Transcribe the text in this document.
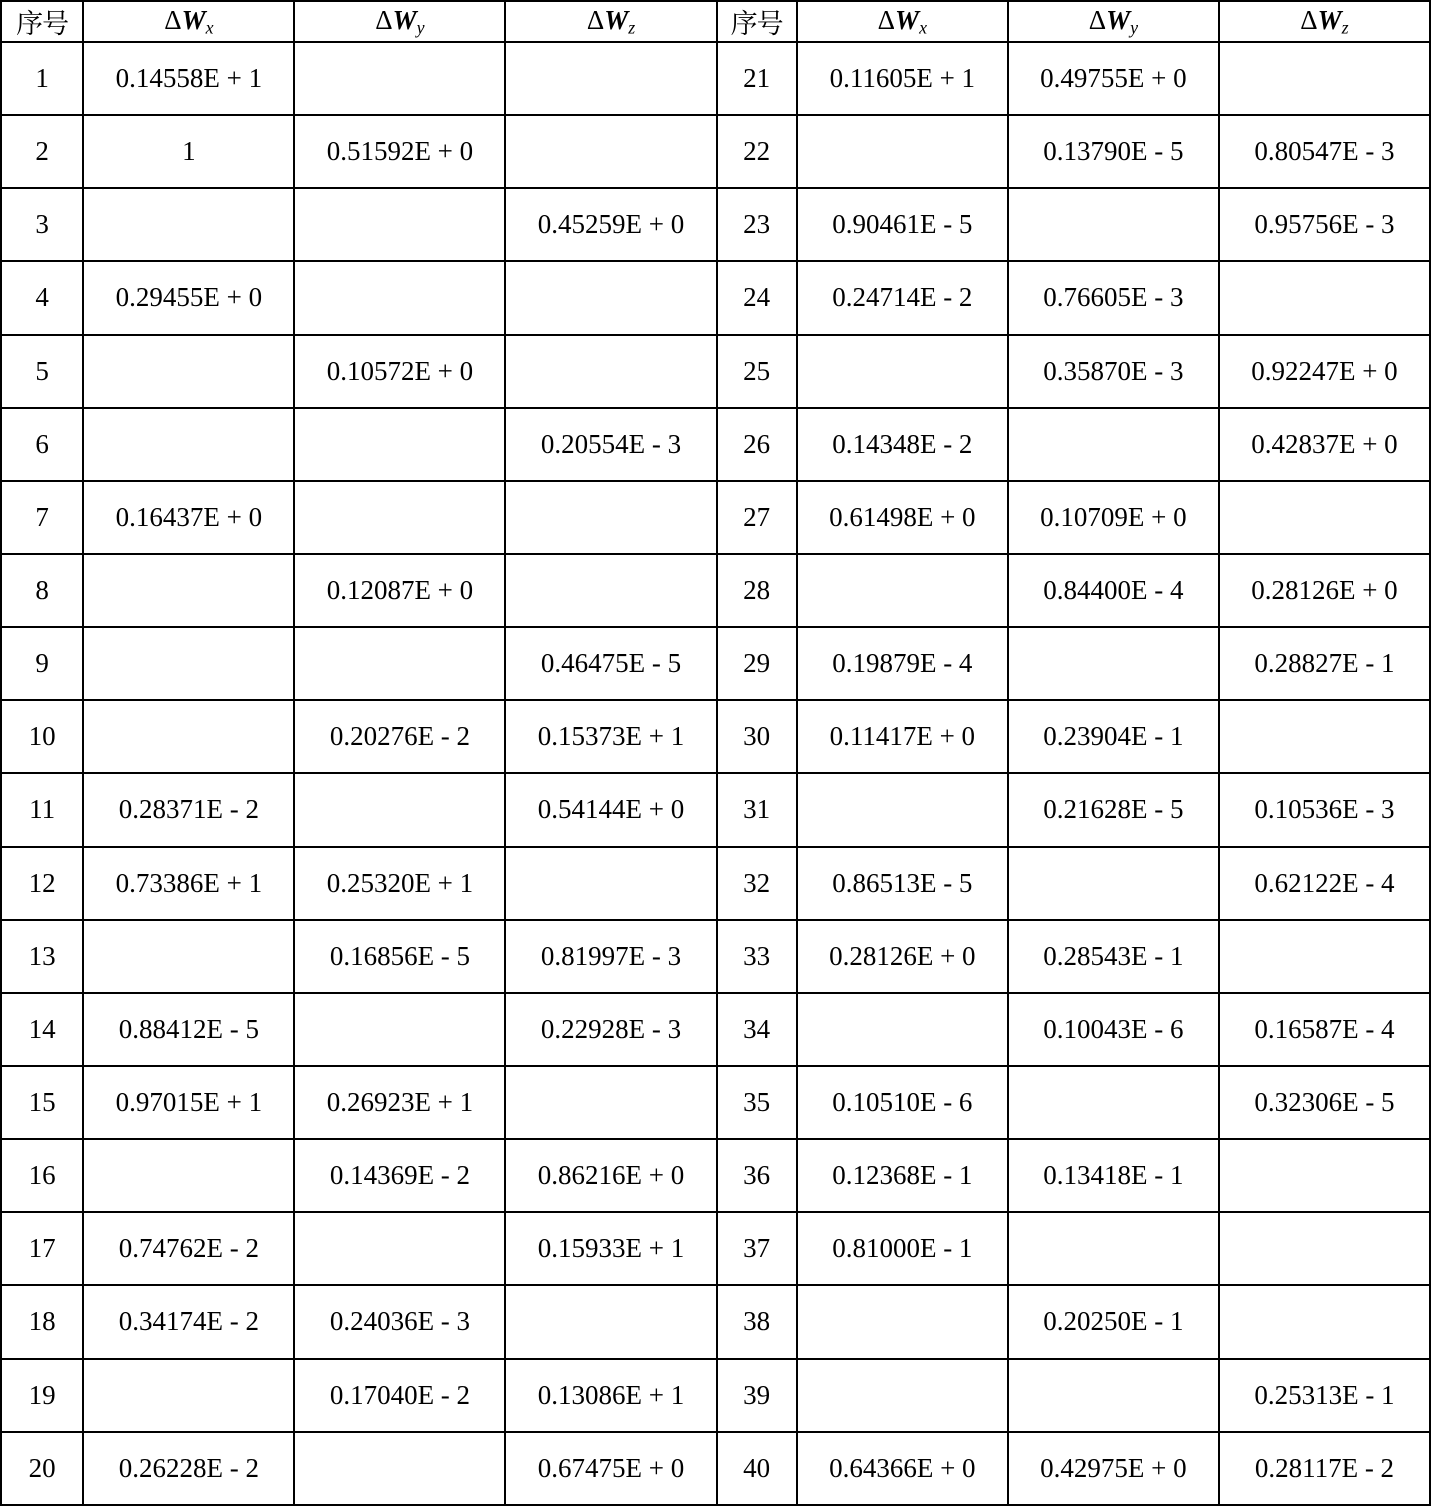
序号	$\Delta W_x$	$\Delta W_y$	$\Delta W_z$	序号	$\Delta W_x$	$\Delta W_y$	$\Delta W_z$
1	0.14558E + 1			21	0.11605E + 1	0.49755E + 0	
2	1	0.51592E + 0		22		0.13790E - 5	0.80547E - 3
3			0.45259E + 0	23	0.90461E - 5		0.95756E - 3
4	0.29455E + 0			24	0.24714E - 2	0.76605E - 3	
5		0.10572E + 0		25		0.35870E - 3	0.92247E + 0
6			0.20554E - 3	26	0.14348E - 2		0.42837E + 0
7	0.16437E + 0			27	0.61498E + 0	0.10709E + 0	
8		0.12087E + 0		28		0.84400E - 4	0.28126E + 0
9			0.46475E - 5	29	0.19879E - 4		0.28827E - 1
10		0.20276E - 2	0.15373E + 1	30	0.11417E + 0	0.23904E - 1	
11	0.28371E - 2		0.54144E + 0	31		0.21628E - 5	0.10536E - 3
12	0.73386E + 1	0.25320E + 1		32	0.86513E - 5		0.62122E - 4
13		0.16856E - 5	0.81997E - 3	33	0.28126E + 0	0.28543E - 1	
14	0.88412E - 5		0.22928E - 3	34		0.10043E - 6	0.16587E - 4
15	0.97015E + 1	0.26923E + 1		35	0.10510E - 6		0.32306E - 5
16		0.14369E - 2	0.86216E + 0	36	0.12368E - 1	0.13418E - 1	
17	0.74762E - 2		0.15933E + 1	37	0.81000E - 1		
18	0.34174E - 2	0.24036E - 3		38		0.20250E - 1	
19		0.17040E - 2	0.13086E + 1	39			0.25313E - 1
20	0.26228E - 2		0.67475E + 0	40	0.64366E + 0	0.42975E + 0	0.28117E - 2
